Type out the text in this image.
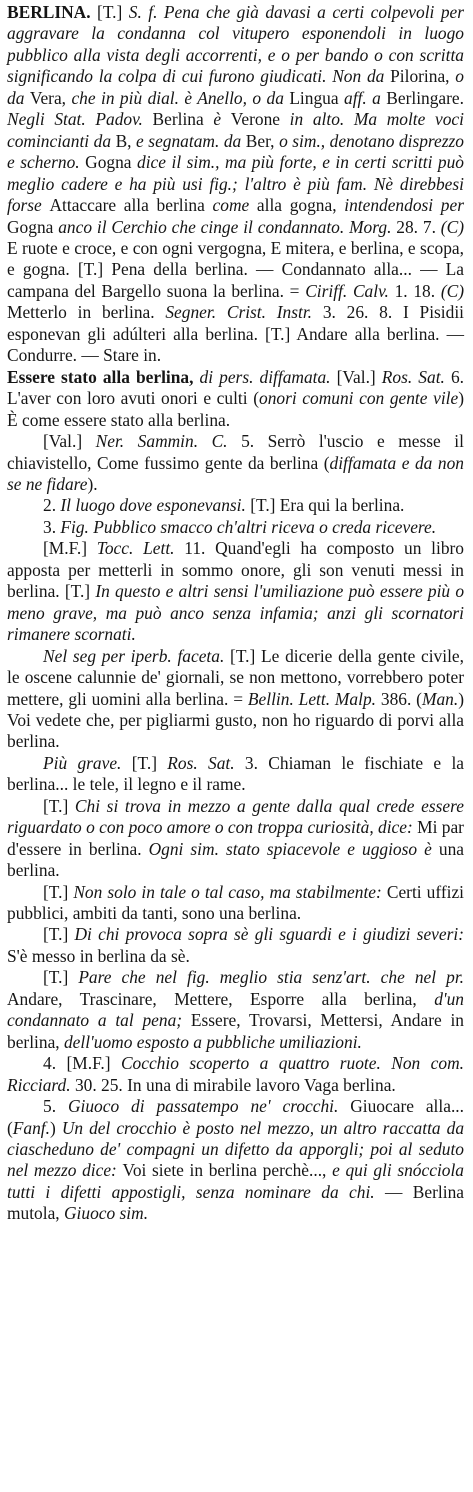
BERLINA. [T.] S. f. Pena che già davasi a certi colpevoli per aggravare la condanna col vitupero esponendoli in luogo pubblico alla vista degli accorrenti, e o per bando o con scritta significando la colpa di cui furono giudicati. Non da Pilorina, o da Vera, che in più dial. è Anello, o da Lingua aff. a Berlingare. Negli Stat. Padov. Berlina è Verone in alto. Ma molte voci comincianti da B, e segnatam. da Ber, o sim., denotano disprezzo e scherno. Gogna dice il sim., ma più forte, e in certi scritti può meglio cadere e ha più usi fig.; l'altro è più fam. Nè direbbesi forse Attaccare alla berlina come alla gogna, intendendosi per Gogna anco il Cerchio che cinge il condannato. Morg. 28. 7. (C) E ruote e croce, e con ogni vergogna, E mitera, e berlina, e scopa, e gogna. [T.] Pena della berlina. — Condannato alla... — La campana del Bargello suona la berlina. = Ciriff. Calv. 1. 18. (C) Metterlo in berlina. Segner. Crist. Instr. 3. 26. 8. I Pisidii esponevan gli adúlteri alla berlina. [T.] Andare alla berlina. — Condurre. — Stare in.

Essere stato alla berlina, di pers. diffamata. [Val.] Ros. Sat. 6. L'aver con loro avuti onori e culti (onori comuni con gente vile) È come essere stato alla berlina.

[Val.] Ner. Sammin. C. 5. Serrò l'uscio e messe il chiavistello, Come fussimo gente da berlina (diffamata e da non se ne fidare).

2. Il luogo dove esponevansi. [T.] Era qui la berlina.

3. Fig. Pubblico smacco ch'altri riceva o creda ricevere.

[M.F.] Tocc. Lett. 11. Quand'egli ha composto un libro apposta per metterli in sommo onore, gli son venuti messi in berlina. [T.] In questo e altri sensi l'umiliazione può essere più o meno grave, ma può anco senza infamia; anzi gli scornatori rimanere scornati.

Nel seg per iperb. faceta. [T.] Le dicerie della gente civile, le oscene calunnie de' giornali, se non mettono, vorrebbero poter mettere, gli uomini alla berlina. = Bellin. Lett. Malp. 386. (Man.) Voi vedete che, per pigliarmi gusto, non ho riguardo di porvi alla berlina.

Più grave. [T.] Ros. Sat. 3. Chiaman le fischiate e la berlina... le tele, il legno e il rame.

[T.] Chi si trova in mezzo a gente dalla qual crede essere riguardato o con poco amore o con troppa curiosità, dice: Mi par d'essere in berlina. Ogni sim. stato spiacevole e uggioso è una berlina.

[T.] Non solo in tale o tal caso, ma stabilmente: Certi uffizi pubblici, ambiti da tanti, sono una berlina.

[T.] Di chi provoca sopra sè gli sguardi e i giudizi severi: S'è messo in berlina da sè.

[T.] Pare che nel fig. meglio stia senz'art. che nel pr. Andare, Trascinare, Mettere, Esporre alla berlina, d'un condannato a tal pena; Essere, Trovarsi, Mettersi, Andare in berlina, dell'uomo esposto a pubbliche umiliazioni.

4. [M.F.] Cocchio scoperto a quattro ruote. Non com. Ricciard. 30. 25. In una di mirabile lavoro Vaga berlina.

5. Giuoco di passatempo ne' crocchi. Giuocare alla... (Fanf.) Un del crocchio è posto nel mezzo, un altro raccatta da ciascheduno de' compagni un difetto da apporgli; poi al seduto nel mezzo dice: Voi siete in berlina perchè..., e qui gli snócciola tutti i difetti appostigli, senza nominare da chi. — Berlina mutola, Giuoco sim.
